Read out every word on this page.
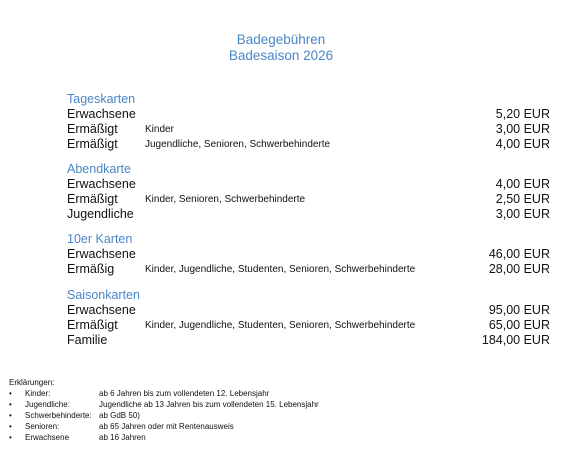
Badegebühren
Badesaison 2026
Tageskarten
Erwachsene	5,20 EUR
Ermäßigt	Kinder	3,00 EUR
Ermäßigt	Jugendliche, Senioren, Schwerbehinderte	4,00 EUR
Abendkarte
Erwachsene	4,00 EUR
Ermäßigt	Kinder, Senioren, Schwerbehinderte	2,50 EUR
Jugendliche	3,00 EUR
10er Karten
Erwachsene	46,00 EUR
Ermäßig	Kinder, Jugendliche, Studenten, Senioren, Schwerbehinderte	28,00 EUR
Saisonkarten
Erwachsene	95,00 EUR
Ermäßigt	Kinder, Jugendliche, Studenten, Senioren, Schwerbehinderte	65,00 EUR
Familie	184,00 EUR
Erklärungen:
• Kinder:	ab 6 Jahren bis zum vollendeten 12. Lebensjahr
• Jugendliche:	Jugendliche ab 13 Jahren bis zum vollendeten 15. Lebensjahr
• Schwerbehinderte: ab GdB 50)
• Senioren:	ab 65 Jahren oder mit Rentenausweis
• Erwachsene	ab 16 Jahren
